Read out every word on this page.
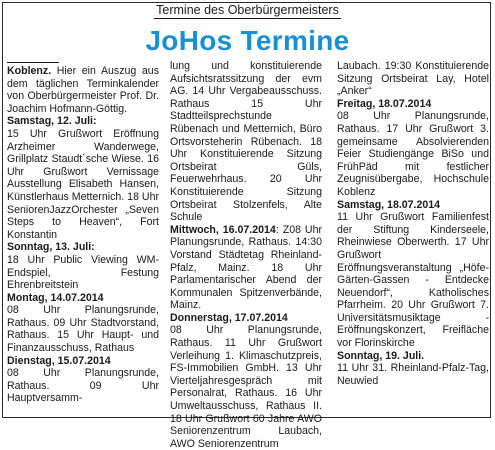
Termine des Oberbürgermeisters
JoHos Termine

Koblenz. Hier ein Auszug aus dem täglichen Terminkalender von Oberbürgermeister Prof. Dr. Joachim Hofmann-Göttig.

Samstag, 12. Juli:

15 Uhr Grußwort Eröffnung Arzheimer Wanderwege, Grillplatz Staudt´sche Wiese. 16 Uhr Grußwort Vernissage Ausstellung Elisabeth Hansen, Künstlerhaus Metternich. 18 Uhr SeniorenJazzOrchester „Seven Steps to Heaven“, Fort Konstantin

Sonntag, 13. Juli:

18 Uhr Public Viewing WM-Endspiel, Festung Ehrenbreitstein

Montag, 14.07.2014

08 Uhr Planungsrunde, Rathaus. 09 Uhr Stadtvorstand, Rathaus. 15 Uhr Haupt- und Finanzausschuss, Rathaus

Dienstag, 15.07.2014

08 Uhr Planungsrunde, Rathaus. 09 Uhr Hauptversamm-

lung und konstituierende Aufsichtsratssitzung der evm AG. 14 Uhr Vergabeausschuss. Rathaus 15 Uhr Stadtteilsprechstunde Rübenach und Metternich, Büro Ortsvorsteherin Rübenach. 18 Uhr Konstituierende Sitzung Ortsbeirat Güls, Feuerwehrhaus. 20 Uhr Konstituierende Sitzung Ortsbeirat Stolzenfels, Alte Schule

Mittwoch, 16.07.2014: Z08 Uhr Planungsrunde, Rathaus. 14:30 Vorstand Städtetag Rheinland-Pfalz, Mainz. 18 Uhr Parlamentarischer Abend der Kommunalen Spitzenverbände, Mainz.

Donnerstag, 17.07.2014

08 Uhr Planungsrunde, Rathaus. 11 Uhr Grußwort Verleihung 1. Klimaschutzpreis, FS-Immobilien GmbH. 13 Uhr Vierteljahresgespräch mit Personalrat, Rathaus. 16 Uhr Umweltausschuss, Rathaus II. 18 Uhr Grußwort 60 Jahre AWO Seniorenzentrum Laubach, AWO Seniorenzentrum

Laubach. 19:30 Konstituierende Sitzung Ortsbeirat Lay, Hotel „Anker“

Freitag, 18.07.2014

08 Uhr Planungsrunde, Rathaus. 17 Uhr Grußwort 3. gemeinsame Absolvierenden Feier Studiengänge BiSo und FrühPäd mit festlicher Zeugnisübergabe, Hochschule Koblenz

Samstag, 18.07.2014

11 Uhr Grußwort Familienfest der Stiftung Kinderseele, Rheinwiese Oberwerth. 17 Uhr Grußwort Eröffnungsveranstaltung „Höfe-Gärten-Gassen - Entdecke Neuendorf“, Katholisches Pfarrheim. 20 Uhr Grußwort 7. Universitätsmusiktage - Eröffnungskonzert, Freifläche vor Florinskirche

Sonntag, 19. Juli.

11 Uhr 31. Rheinland-Pfalz-Tag, Neuwied
